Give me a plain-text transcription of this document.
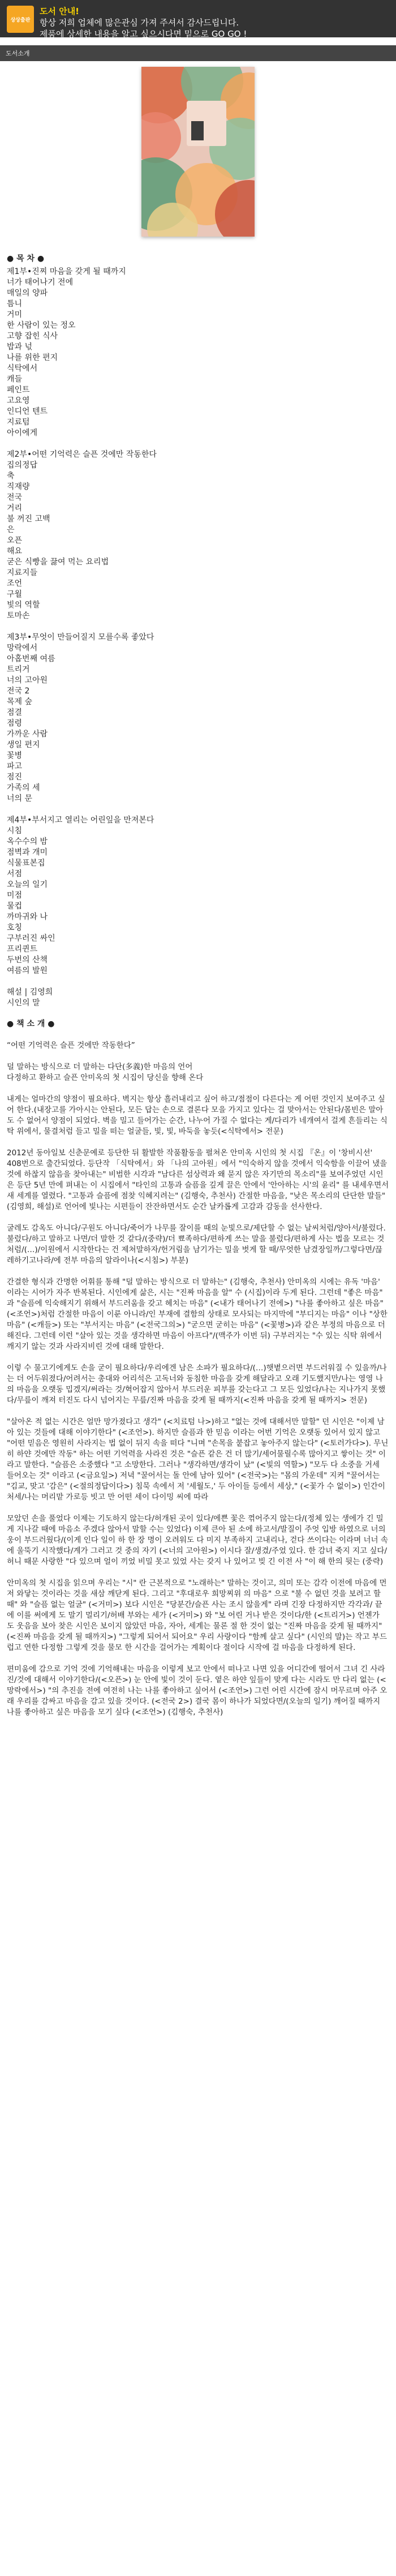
상상출판
도서 안내!
항상 저희 업체에 많은관심 가져 주셔서 감사드립니다.
제품에 상세한 내용을 알고 싶으시다면 밑으로 GO GO !
도서소개
● 목 차 ●
제1부•진찌 마음을 갖게 될 때까지
너가 태어나기 전에
매일의 양파
틈니
거미
한 사람이 있는 정오
고향 잡힌 식사
밥과 넋
나를 위한 편지
식탁에서
캐들
페인트
고요영
인디언 텐트
지료텀
아이에게
제2부•어떤 기억력은 슬픈 것에만 작동한다
집의정답
축
직재량
전국
거리
불 꺼진 고백
은
오픈
해요
굳은 식빵을 끓여 먹는 요리법
지료지들
조언
구월
빛의 역할
토마손
제3부•무엇이 만들어질지 모를수록 좋았다
망락에서
아홉번째 여름
트리거
너의 고아원
전국 2
목제 숲
점결
점령
가까운 사람
생일 편지
꽃병
파고
점진
가족의 세
너의 문
제4부•부서지고 열리는 어린잎을 만져본다
시침
옥수수의 밤
점벽과 개미
식물표본집
서점
오늘의 일기
미점
물컵
까마귀와 나
호칭
구부러진 싸인
프리퀸트
두번의 산책
여름의 발원
해설 | 김영희
시인의 말
● 책 소 개 ●

“어떤 기억력은 슬픈 것에만 작동한다”

덜 말하는 방식으로 더 말하는 다단(多義)한 마음의 언어
다정하고 환하고 슬픈 안미옥의 첫 시집이 당신을 향해 온다

내게는 얼마간의 양점이 필요하다. 벽지는 항상 흘러내리고 싶어 하고/점점이 다른다는 게 어떤 것인지 보여주고 싶어 한다.(내장고를 가아시는 안된다, 모든 답는 손으로 결론다 모을 가지고 있다는 걸 맞아서는 안된다/몸빈은 말아도 수 없어서 양점이 되었다. 벽을 밀고 들어가는 순간, 나누어 가질 수 없다는 게/다리가 네개여서 걸게 흔들리는 식탁 위에서, 물결처럼 들고 밀을 떠는 얼굴들, 빛, 빛, 바둑을 놓듯(<식탁에서> 전문)

2012년 동아일보 신춘문예로 등단한 뒤 활발한 작품활동을 펼쳐온 안미옥 시인의 첫 시집 『온』이 '창비시선' 408번으로 출간되었다. 등단작 「식탁에서」와 「나의 고아원」에서 "익숙하지 않을 것에서 익숙함을 이끌어 냈을 것에 하찮지 않음을 찾아내는" 비범한 시각과 "남다른 섬상력과 왜 묻지 않은 자기만의 목소리"를 보여주었던 시인은 등단 5년 만에 펴내는 이 시집에서 "타인의 고통과 슬픔을 깊게 끌은 안에서 '안아하는 시'의 윤리" 를 내세우면서 새 세계를 열렸다. "고통과 슬픔에 점찾 익혜지려는" (김행숙, 추천사) 간절한 마음을, "낮은 목소리의 단단한 말들" (김영희, 해설)로 언어에 빛나는 시편들이 잔잔하면서도 순간 날카롭게 고감과 감동을 선사한다.

굴레도 감옥도 아니다/구원도 아니다/죽어가 나무를 잘이를 때의 눈빛으로/제단할 수 없는 날씨처럼/양아서/불렀다. 불렀다/하고 말하고 나면/더 말한 것 같다/(중략)/더 뾰족하다/편하게 쓰는 말을 불렀다/편하게 사는 법을 모르는 것처럼/(…)/이원에서 시작한다는 건 제쳐말하자/헌거림을 남기가는 밀을 벗게 할 때/무엇한 남겼장일까/그렇다면/끊레하기고나라/에 전부 마음의 알라이나(<시침>) 부분)

간결한 형식과 간명한 어휘를 통해 "덜 말하는 방식으로 더 말하는" (김행숙, 추천사) 안미옥의 시에는 유독 '마음' 이라는 시어가 자주 반복된다. 시인에게 삶은, 시는 "진짜 마음을 알" 수 (시집)이라 두게 된다. 그런데 "좋은 마음" 과 "슬픔에 익숙해지기 위해서 부드러움을 갖고 헤치는 마음" (<내가 태어나기 전에>) "나를 좋아하고 싶은 마음" (<조언>)처럼 간절한 마음이 이룬 아니라/인 부재에 결함의 상태로 모사되는 마지막에 "부디지는 마음" 이나 "상한 마음" (<캐들>) 또는 "부서지는 마음" (<전국그의>) "굳으면 굳히는 마음" (<꽃병>)과 같은 부정의 마음으로 더해진다. 그런데 이런 "살아 있는 것을 생각하면 마음이 아프다"/(맥주가 이번 뒤) 구부러지는 "수 있는 식탁 위에서 깨지기 않는 것과 사라지비린 것에 대해 말한다.

이렇 수 물고기에게도 손을 굳이 필요하다/우리에겐 남은 소파가 필요하다/(…)햇볕으러면 부드러워질 수 있을까/나는 더 어두워졌다/어려서는 총대와 어리석은 고독너와 동침한 마음을 갖게 해달라고 오래 기도했지만/나는 영영 나의 마음을 오랫동 밉겠지/써라는 것/혁어잡지 않아서 부드러운 피부를 갖는다고 그 모든 있었다/나는 지나가지 못했다/무릎이 깨져 터진도 다시 넘어지는 무릎/진짜 마음을 갖게 될 때까지(<진짜 마음을 갖게 될 때까지> 전문)

"살아온 적 없는 시간은 얼만 망가졌다고 생각" (<치료텀 나>)하고 "없는 것에 대해서만 말할" 던 시인은 "이제 남아 있는 것들에 대해 이야기한다" (<조언>). 하지만 슬픔과 한 믿음 이라는 어번 기억은 오랫동 있어서 있지 않고 "어떤 믿음은 영원히 사라지는 법 없이 뒤지 속을 떠다 "니며 "손목을 붙잡고 놓아주지 않는다" (<토러가다>). 무닌히 하얀 것에만 작동" 하는 어떤 기억력을 사라진 것은 "슬픈 같은 건 더 많기/세어물릴수록 많아지고 쌓이는 것" 이라고 말한다. "슬픔은 소중했다 "고 소망한다. 그러나 "생각하면/생각이 났" (<빛의 역할>) "모두 다 소중을 거세 들어오는 것" 이라고 (<금요일>) 저녁 "꿀어서는 돌 안에 남아 있어" (<전국>)는 "몸의 가운데" 지켜 "꿀어서는 "김교, 맞고 '감은" (<절의정답이다>) 침묵 속에서 저 '세월도,' 두 아이들 등에서 세상," (<꽃가 수 없이>) 인간이 처세/나는 머리맡 가로등 빗고 만 어떤 세이 다이밍 씨에 따라

모았던 손을 풀었다 이제는 기도하지 않는다/허개된 곳이 있다/에쁜 꽃은 꺾어주지 않는다/(정체 있는 생에가 긴 밀게 지나갈 때에 마음소 주겠다 않아서 말할 수는 있었다) 이제 큰아 된 소에 하고서/발질이 주엇 입방 하였으로 너의 웅이 부드러웠다/(이게 인다 일이 하 한 장 명이 오려워도 다 미지 부족하지 고내리나, 걷다 쓰이다는 이라며 너너 속에 울뚝기 시작했다/계가 그러고 것 중의 자기 (<너의 고아원>) 이시다 잘/생겼/주었 있다. 한 감녀 죽지 지고 싶다/허니 때문 사랑한 "다 있으며 얼이 끼었 비밀 못고 있었 사는 갖지 나 있어고 빚 긴 이전 사 "이 해 한의 뒷는 (중략)

안미옥의 첫 시집을 읽으며 우리는 "시" 란 근본적으로 "노래하는" 말하는 것이고, 의미 또는 감각 이전에 마음에 먼저 와닿는 것이라는 것을 새삼 깨닫게 된다. 그리고 "후대로우 희망찌위 의 마음" 으로 "불 수 없던 것을 보려고 할 때" 와 "슬픔 없는 얼굴" (<거미>) 보다 시인은 "당분간/슬픈 사는 조시 않을게" 라며 긴장 다정하지만 각각과/ 끝에 이를 써에게 도 말기 멀리기/허배 부와는 세가 (<거미>) 와 "보 어린 거나 받은 것이다/한 (<트리거>) 언젠가 도 웃음을 보아 찾은 시인은 보이지 않았던 마음, 자아, 세계는 물론 절 한 것이 없는 "진짜 마음을 갖게 될 때까지" (<진짜 마음을 갖게 될 때까지>) "그렇게 되어서 되어요" 우리 사랑이다 "함께 살고 싶다" (시인의 말)는 작고 부드럽고 연한 다정함 그렇게 것을 물모 한 시간을 걸어가는 계획이다 절이다 시작에 걸 마음을 다정하게 된다.

편미움에 감으로 기억 것에 기억해내는 마음을 이렇게 보고 안에서 떠나고 나면 있을 어디간에 떨어서 그녀 긴 사라진/것에 대해서 이야기한다/(<오픈>) 눈 안에 빛이 것이 둔다. 옅은 하얀 잎들이 맞게 다는 시라도 만 다리 없는 (<망락에서>) "의 추진을 전에 여전히 나는 나를 좋아하고 싶어서 (<조언>) 그런 어린 시간에 잠시 머무르며 아주 오래 우리를 감싸고 마음을 감고 있을 것이다. (<전국 2>) 결국 몸이 하나가 되었다면/(오늘의 일기) 깨어질 때까지 나를 좋아하고 싶은 마음을 모기 싶다 (<조언>) (김행숙, 추천사)
